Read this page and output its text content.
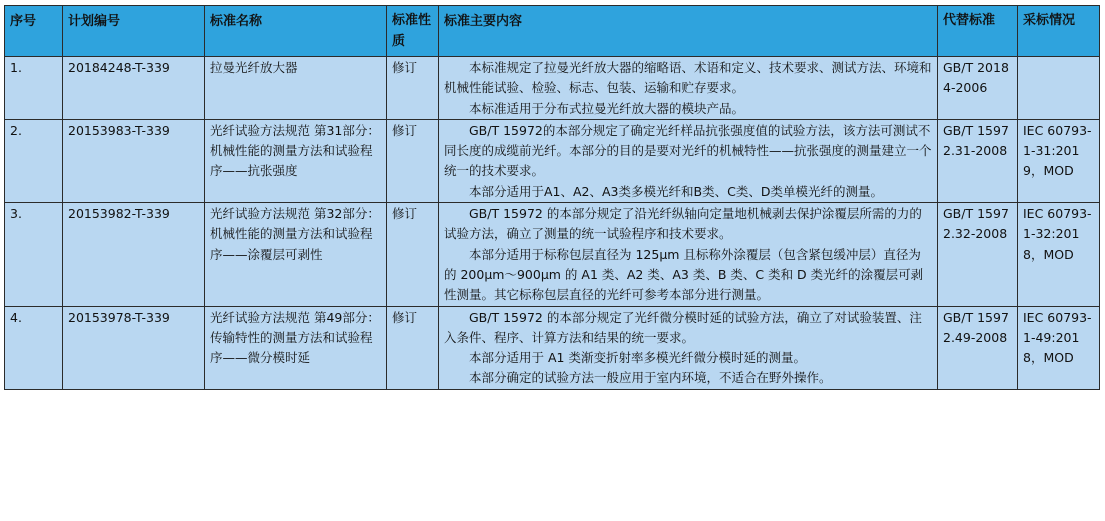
序号	计划编号	标准名称	标准性质	标准主要内容	代替标准	采标情况
1.	20184248-T-339	拉曼光纤放大器	修订	本标准规定了拉曼光纤放大器的缩略语、术语和定义、技术要求、测试方法、环境和机械性能试验、检验、标志、包装、运输和贮存要求。

本标准适用于分布式拉曼光纤放大器的模块产品。	GB/T 20184-2006	
2.	20153983-T-339	光纤试验方法规范 第31部分：机械性能的测量方法和试验程序——抗张强度	修订	GB/T 15972的本部分规定了确定光纤样品抗张强度值的试验方法，该方法可测试不同长度的成缆前光纤。本部分的目的是要对光纤的机械特性——抗张强度的测量建立一个统一的技术要求。

本部分适用于A1、A2、A3类多模光纤和B类、C类、D类单模光纤的测量。	GB/T 15972.31-2008	IEC 60793-1-31:2019，MOD
3.	20153982-T-339	光纤试验方法规范 第32部分：机械性能的测量方法和试验程序——涂覆层可剥性	修订	GB/T 15972 的本部分规定了沿光纤纵轴向定量地机械剥去保护涂覆层所需的力的试验方法，确立了测量的统一试验程序和技术要求。

本部分适用于标称包层直径为 125μm 且标称外涂覆层（包含紧包缓冲层）直径为的 200μm～900μm 的 A1 类、A2 类、A3 类、B 类、C 类和 D 类光纤的涂覆层可剥性测量。其它标称包层直径的光纤可参考本部分进行测量。	GB/T 15972.32-2008	IEC 60793-1-32:2018，MOD
4.	20153978-T-339	光纤试验方法规范 第49部分：传输特性的测量方法和试验程序——微分模时延	修订	GB/T 15972 的本部分规定了光纤微分模时延的试验方法，确立了对试验装置、注入条件、程序、计算方法和结果的统一要求。

本部分适用于 A1 类渐变折射率多模光纤微分模时延的测量。

本部分确定的试验方法一般应用于室内环境，不适合在野外操作。	GB/T 15972.49-2008	IEC 60793-1-49:2018，MOD
